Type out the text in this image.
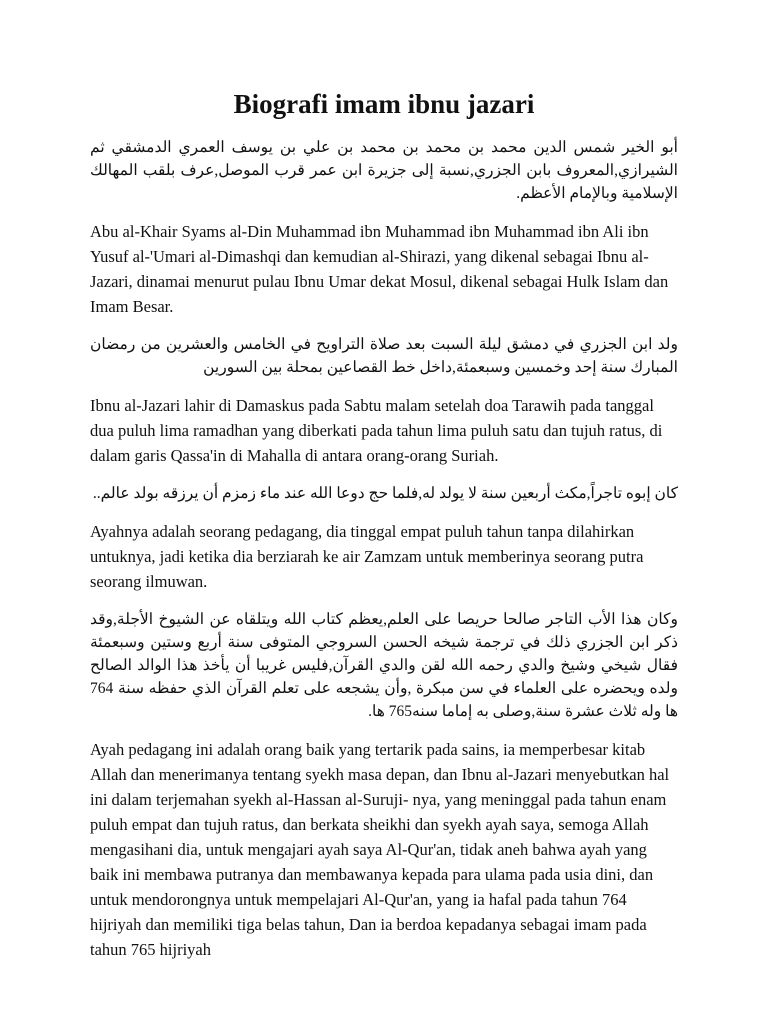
Biografi imam ibnu jazari

أبو الخير شمس الدين محمد بن محمد بن محمد بن علي بن يوسف العمري الدمشقي ثم الشيرازي,المعروف بابن الجزري,نسبة إلى جزيرة ابن عمر قرب الموصل,عرف بلقب المهالك الإسلامية وبالإمام الأعظم.

Abu al-Khair Syams al-Din Muhammad ibn Muhammad ibn Muhammad ibn Ali ibn Yusuf al-'Umari al-Dimashqi dan kemudian al-Shirazi, yang dikenal sebagai Ibnu al-Jazari, dinamai menurut pulau Ibnu Umar dekat Mosul, dikenal sebagai Hulk Islam dan Imam Besar.

ولد ابن الجزري في دمشق ليلة السبت بعد صلاة التراويح في الخامس والعشرين من رمضان المبارك سنة إحد وخمسين وسبعمئة,داخل خط القصاعين بمحلة بين السورين

Ibnu al-Jazari lahir di Damaskus pada Sabtu malam setelah doa Tarawih pada tanggal dua puluh lima ramadhan yang diberkati pada tahun lima puluh satu dan tujuh ratus, di dalam garis Qassa'in di Mahalla di antara orang-orang Suriah.

كان إبوه تاجراً,مكث أربعين سنة لا يولد له,فلما حج دوعا الله عند ماء زمزم أن يرزقه بولد عالم..

Ayahnya adalah seorang pedagang, dia tinggal empat puluh tahun tanpa dilahirkan untuknya, jadi ketika dia berziarah ke air Zamzam untuk memberinya seorang putra seorang ilmuwan.

وكان هذا الأب التاجر صالحا حريصا على العلم,يعظم كتاب الله ويتلقاه عن الشيوخ الأجلة,وقد ذكر ابن الجزري ذلك في ترجمة شيخه الحسن السروجي المتوفى سنة أربع وستين وسبعمئة فقال شيخي وشيخ والدي رحمه الله لقن والدي القرآن,فليس غريبا أن يأخذ هذا الوالد الصالح ولده ويحضره على العلماء في سن مبكرة ,وأن يشجعه على تعلم القرآن الذي حفظه سنة 764 ها وله ثلاث عشرة سنة,وصلى به إماما سنه765 ها.

Ayah pedagang ini adalah orang baik yang tertarik pada sains, ia memperbesar kitab Allah dan menerimanya tentang syekh masa depan, dan Ibnu al-Jazari menyebutkan hal ini dalam terjemahan syekh al-Hassan al-Suruji- nya, yang meninggal pada tahun enam puluh empat dan tujuh ratus, dan berkata sheikhi dan syekh ayah saya, semoga Allah mengasihani dia, untuk mengajari ayah saya Al-Qur'an, tidak aneh bahwa ayah yang baik ini membawa putranya dan membawanya kepada para ulama pada usia dini, dan untuk mendorongnya untuk mempelajari Al-Qur'an, yang ia hafal pada tahun 764 hijriyah dan memiliki tiga belas tahun, Dan ia berdoa kepadanya sebagai imam pada tahun 765 hijriyah
